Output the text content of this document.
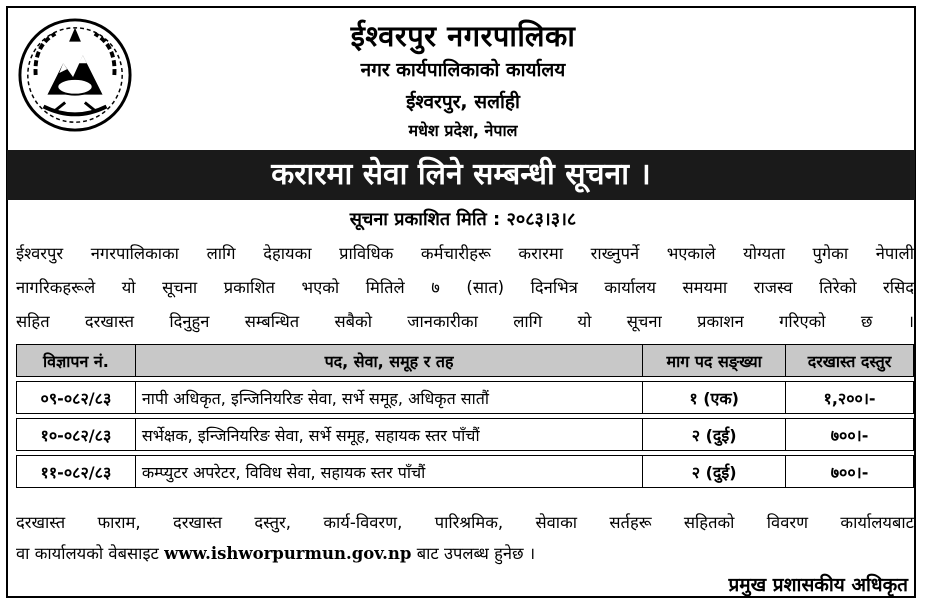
ईश्वरपुर नगरपालिका
नगर कार्यपालिकाको कार्यालय
ईश्वरपुर, सर्लाही
मधेश प्रदेश, नेपाल
करारमा सेवा लिने सम्बन्धी सूचना ।
सूचना प्रकाशित मिति : २०८३।३।८
ईश्वरपुर नगरपालिकाका लागि देहायका प्राविधिक कर्मचारीहरू करारमा राख्नुपर्ने भएकाले योग्यता पुगेका नेपाली
नागरिकहरूले यो सूचना प्रकाशित भएको मितिले ७ (सात) दिनभित्र कार्यालय समयमा राजस्व तिरेको रसिद
सहित दरखास्त दिनुहुन सम्बन्धित सबैको जानकारीका लागि यो सूचना प्रकाशन गरिएको छ ।
विज्ञापन नं.	पद, सेवा, समूह र तह	माग पद सङ्ख्या	दरखास्त दस्तुर

०९-०८२/८३	नापी अधिकृत, इन्जिनियरिङ सेवा, सर्भे समूह, अधिकृत सातौं	१ (एक)	१,२००।-

१०-०८२/८३	सर्भेक्षक, इन्जिनियरिङ सेवा, सर्भे समूह, सहायक स्तर पाँचौं	२ (दुई)	७००।-

११-०८२/८३	कम्प्युटर अपरेटर, विविध सेवा, सहायक स्तर पाँचौं	२ (दुई)	७००।-
दरखास्त फाराम, दरखास्त दस्तुर, कार्य-विवरण, पारिश्रमिक, सेवाका सर्तहरू सहितको विवरण कार्यालयबाट
वा कार्यालयको वेबसाइट www.ishworpurmun.gov.np बाट उपलब्ध हुनेछ ।
प्रमुख प्रशासकीय अधिकृत
